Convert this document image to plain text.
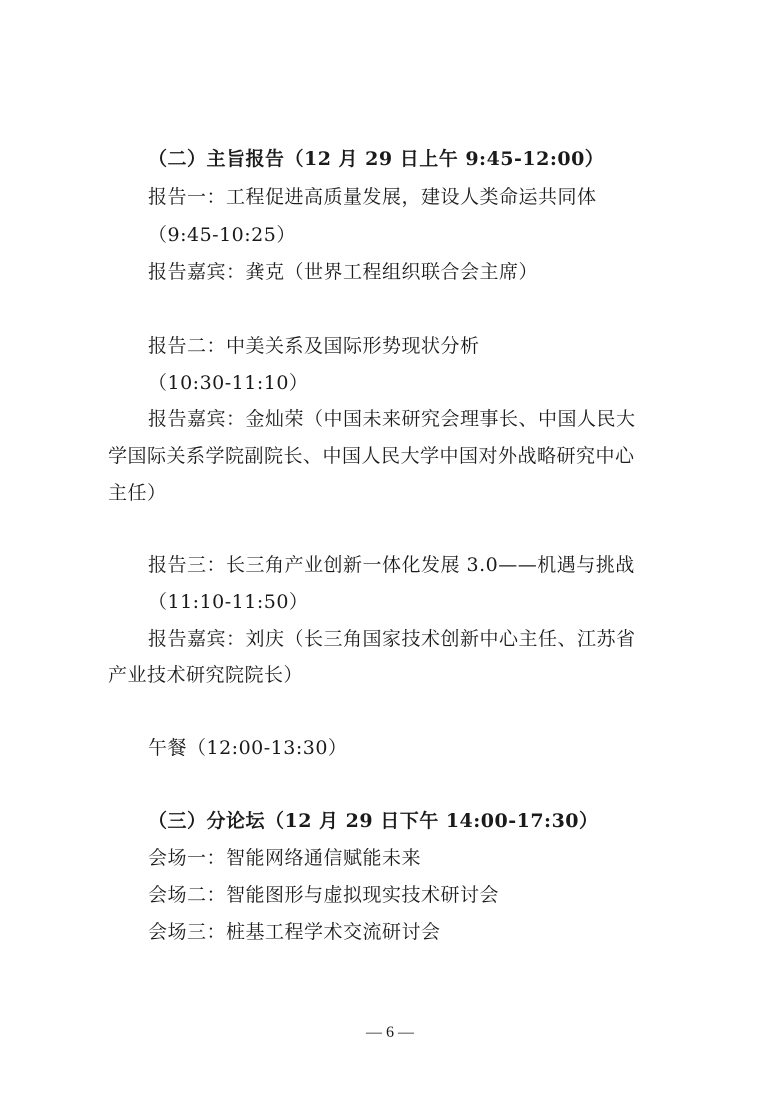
（二）主旨报告（12 月 29 日上午 9:45-12:00）
报告一：工程促进高质量发展，建设人类命运共同体
（9:45-10:25）
报告嘉宾：龚克（世界工程组织联合会主席）
报告二：中美关系及国际形势现状分析
（10:30-11:10）
报告嘉宾：金灿荣（中国未来研究会理事长、中国人民大
学国际关系学院副院长、中国人民大学中国对外战略研究中心
主任）
报告三：长三角产业创新一体化发展 3.0——机遇与挑战
（11:10-11:50）
报告嘉宾：刘庆（长三角国家技术创新中心主任、江苏省
产业技术研究院院长）
午餐（12:00-13:30）
（三）分论坛（12 月 29 日下午 14:00-17:30）
会场一：智能网络通信赋能未来
会场二：智能图形与虚拟现实技术研讨会
会场三：桩基工程学术交流研讨会
— 6 —
